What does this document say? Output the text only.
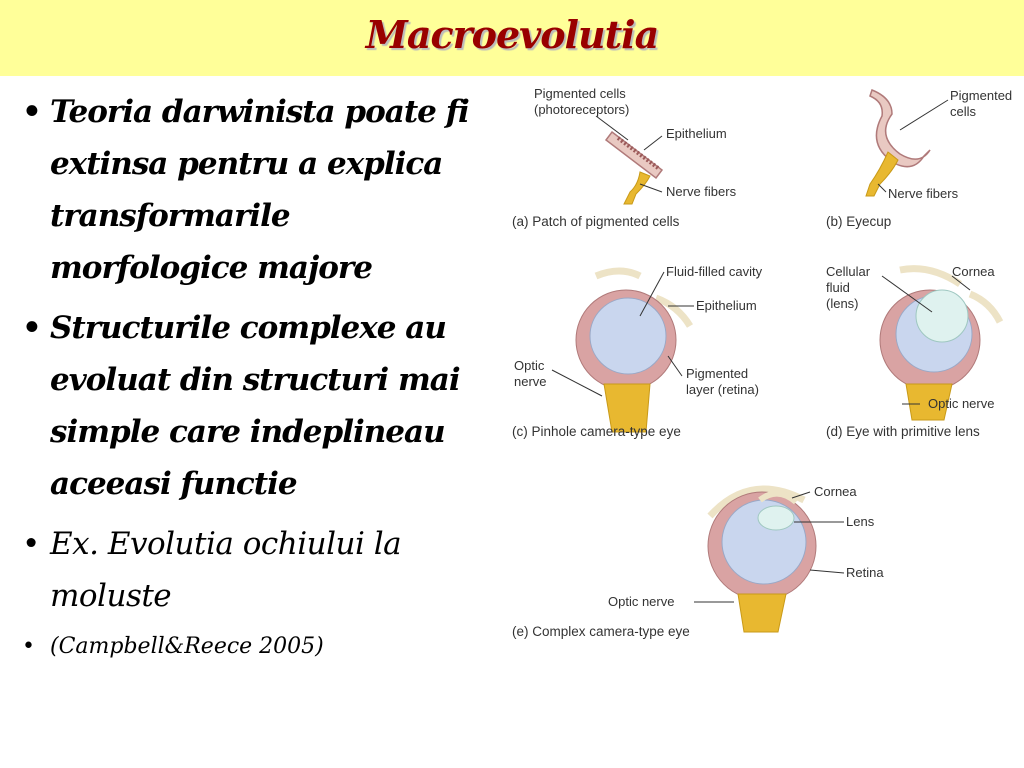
Macroevolutia
• Teoria darwinista poate fi extinsa pentru a explica transformarile morfologice majore
• Structurile complexe au evoluat din structuri mai simple care indeplineau aceeasi functie
• Ex. Evolutia ochiului la moluste
• (Campbell&Reece 2005)
Pigmented cells
(photoreceptors)
Epithelium
Nerve fibers
(a) Patch of pigmented cells
Pigmented
cells
Nerve fibers
(b) Eyecup
Fluid-filled cavity
Epithelium
Optic
nerve
Pigmented
layer (retina)
(c) Pinhole camera-type eye
Cellular
fluid
(lens)
Cornea
Optic nerve
(d) Eye with primitive lens
Cornea
Lens
Retina
Optic nerve
(e) Complex camera-type eye
